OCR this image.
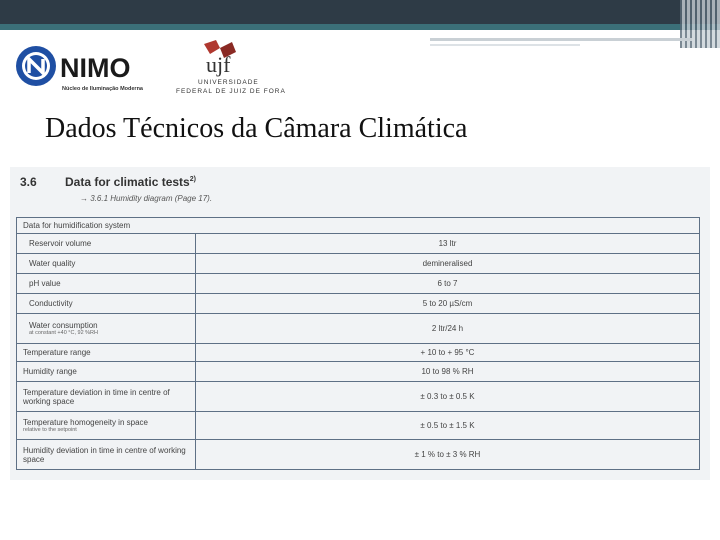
NIMO
Núcleo de Iluminação Moderna
ujf
UNIVERSIDADE
FEDERAL DE JUIZ DE FORA
Dados Técnicos da Câmara Climática
3.6 Data for climatic tests$^{2)}$
→ 3.6.1 Humidity diagram (Page 17).
Data for humidification system	
Reservoir volume	13 ltr
Water quality	demineralised
pH value	6 to 7
Conductivity	5 to 20 µS/cm
Water consumption
at constant +40 °C, 92 %RH	2 ltr/24 h
Temperature range	+ 10 to + 95 °C
Humidity range	10 to 98 % RH
Temperature deviation in time in centre of working space	± 0.3 to ± 0.5 K
Temperature homogeneity in space
relative to the setpoint	± 0.5 to ± 1.5 K
Humidity deviation in time in centre of working space	± 1 % to ± 3 % RH
